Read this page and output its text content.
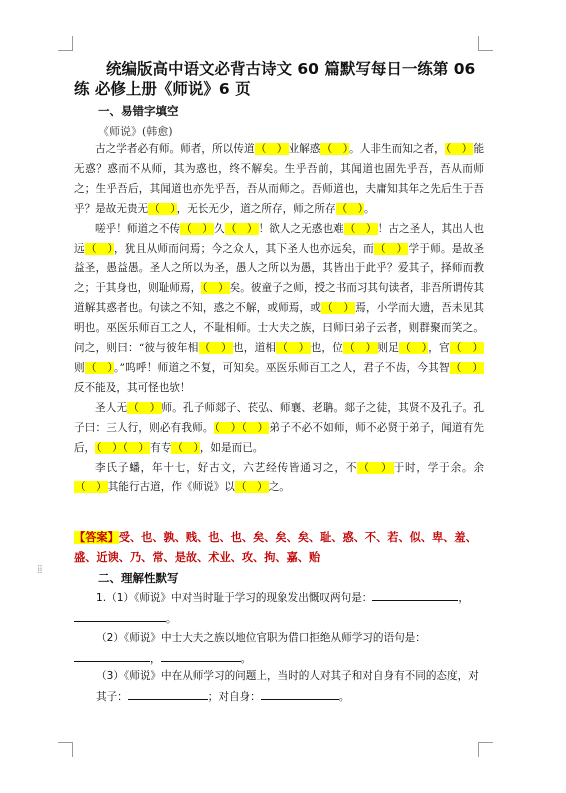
⁞⁞
统编版高中语文必背古诗文 60 篇默写每日一练第 06 练 必修上册《师说》6 页
一、易错字填空
《师说》(韩愈)

古之学者必有师。师者，所以传道（　）业解惑（　）。人非生而知之者，（　）能无惑？惑而不从师，其为惑也，终不解矣。生乎吾前，其闻道也固先乎吾，吾从而师之；生乎吾后，其闻道也亦先乎吾，吾从而师之。吾师道也，夫庸知其年之先后生于吾乎？是故无贵无（　），无长无少，道之所存，师之所存（　）。

嗟乎！师道之不传（　）久（　）！欲人之无惑也难（　）！古之圣人，其出人也远（　），犹且从师而问焉；今之众人，其下圣人也亦远矣，而（　）学于师。是故圣益圣，愚益愚。圣人之所以为圣，愚人之所以为愚，其皆出于此乎？爱其子，择师而教之；于其身也，则耻师焉，（　）矣。彼童子之师，授之书而习其句读者，非吾所谓传其道解其惑者也。句读之不知，惑之不解，或师焉，或（　）焉，小学而大遗，吾未见其明也。巫医乐师百工之人，不耻相师。士大夫之族，曰师曰弟子云者，则群聚而笑之。问之，则曰：“彼与彼年相（　）也，道相（　）也，位（　）则足（　），官（　）则（　）。”呜呼！师道之不复，可知矣。巫医乐师百工之人，君子不齿，今其智（　）反不能及，其可怪也欤！

圣人无（　）师。孔子师郯子、苌弘、师襄、老聃。郯子之徒，其贤不及孔子。孔子曰：三人行，则必有我师。（　）（　）弟子不必不如师，师不必贤于弟子，闻道有先后，（　）（　）有专（　），如是而已。

李氏子蟠，年十七，好古文，六艺经传皆通习之，不（　）于时，学于余。余（　）其能行古道，作《师说》以（　）之。

【答案】受、也、孰、贱、也、也、矣、矣、矣、耻、惑、不、若、似、卑、羞、盛、近谀、乃、常、是故、术业、攻、拘、嘉、贻
二、理解性默写
1.（1）《师说》中对当时耻于学习的现象发出慨叹两句是：	，
。
（2）《师说》中士大夫之族以地位官职为借口拒绝从师学习的语句是：
，	。
（3）《师说》中在从师学习的问题上，当时的人对其子和对自身有不同的态度，对其子：	；对自身：	。
